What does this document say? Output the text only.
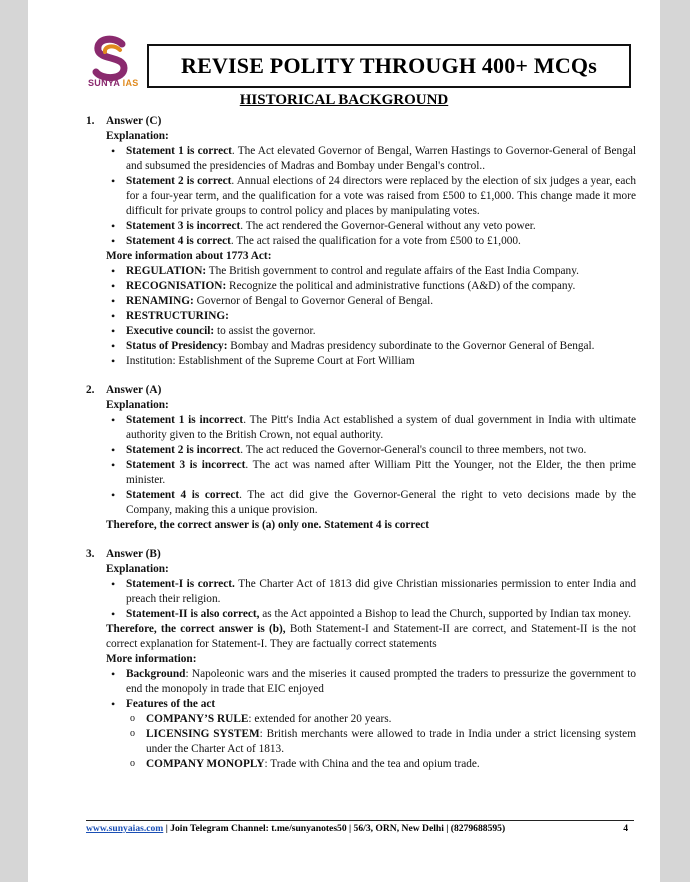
SUNYA IAS
REVISE POLITY THROUGH 400+ MCQs
HISTORICAL BACKGROUND
1. Answer (C)
Explanation:
• Statement 1 is correct. The Act elevated Governor of Bengal, Warren Hastings to Governor-General of Bengal and subsumed the presidencies of Madras and Bombay under Bengal's control..
• Statement 2 is correct. Annual elections of 24 directors were replaced by the election of six judges a year, each for a four-year term, and the qualification for a vote was raised from £500 to £1,000. This change made it more difficult for private groups to control policy and places by manipulating votes.
• Statement 3 is incorrect. The act rendered the Governor-General without any veto power.
• Statement 4 is correct. The act raised the qualification for a vote from £500 to £1,000.
More information about 1773 Act:
• REGULATION: The British government to control and regulate affairs of the East India Company.
• RECOGNISATION: Recognize the political and administrative functions (A&D) of the company.
• RENAMING: Governor of Bengal to Governor General of Bengal.
• RESTRUCTURING:
• Executive council: to assist the governor.
• Status of Presidency: Bombay and Madras presidency subordinate to the Governor General of Bengal.
• Institution: Establishment of the Supreme Court at Fort William
2. Answer (A)
Explanation:
• Statement 1 is incorrect. The Pitt's India Act established a system of dual government in India with ultimate authority given to the British Crown, not equal authority.
• Statement 2 is incorrect. The act reduced the Governor-General's council to three members, not two.
• Statement 3 is incorrect. The act was named after William Pitt the Younger, not the Elder, the then prime minister.
• Statement 4 is correct. The act did give the Governor-General the right to veto decisions made by the Company, making this a unique provision.
Therefore, the correct answer is (a) only one. Statement 4 is correct
3. Answer (B)
Explanation:
• Statement-I is correct. The Charter Act of 1813 did give Christian missionaries permission to enter India and preach their religion.
• Statement-II is also correct, as the Act appointed a Bishop to lead the Church, supported by Indian tax money.
Therefore, the correct answer is (b), Both Statement-I and Statement-II are correct, and Statement-II is the not correct explanation for Statement-I. They are factually correct statements
More information:
• Background: Napoleonic wars and the miseries it caused prompted the traders to pressurize the government to end the monopoly in trade that EIC enjoyed
• Features of the act
o COMPANY’S RULE: extended for another 20 years.
o LICENSING SYSTEM: British merchants were allowed to trade in India under a strict licensing system under the Charter Act of 1813.
o COMPANY MONOPLY: Trade with China and the tea and opium trade.
www.sunyaias.com | Join Telegram Channel: t.me/sunyanotes50 | 56/3, ORN, New Delhi | (8279688595)	4
